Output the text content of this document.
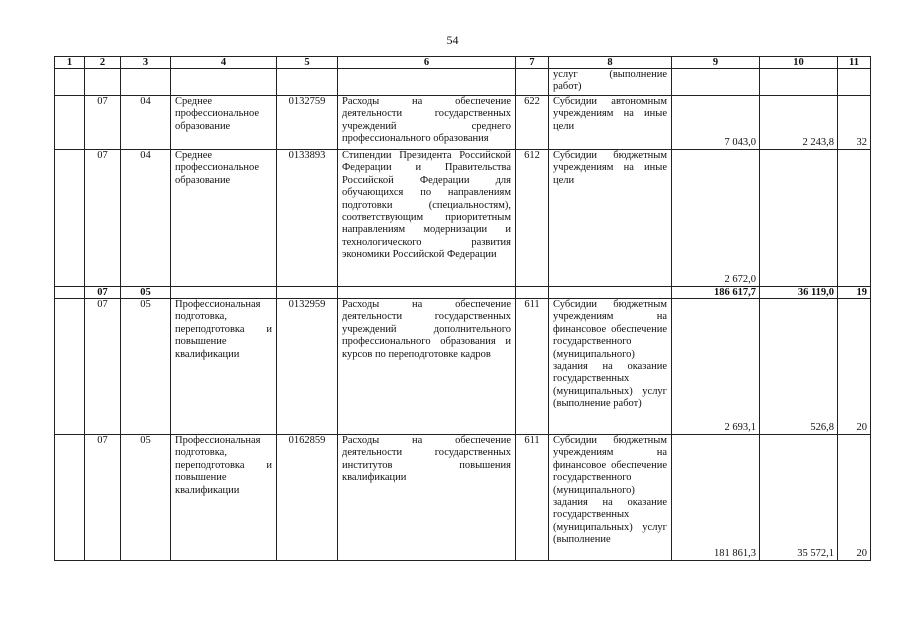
54
1	2	3	4	5	6	7	8	9	10	11
							услуг (выполнение работ)			
	07	04	Среднее профессиональное образование	0132759	Расходы на обеспечение деятельности государственных учреждений среднего профессионального образования	622	Субсидии автономным учреждениям на иные цели	7 043,0	2 243,8	32
	07	04	Среднее профессиональное образование	0133893	Стипендии Президента Российской Федерации и Правительства Российской Федерации для обучающихся по направлениям подготовки (специальностям), соответствующим приоритетным направлениям модернизации и технологического развития экономики Российской Федерации	612	Субсидии бюджетным учреждениям на иные цели	2 672,0		
	07	05						186 617,7	36 119,0	19
	07	05	Профессиональная подготовка, переподготовка и повышение квалификации	0132959	Расходы на обеспечение деятельности государственных учреждений дополнительного профессионального образования и курсов по переподготовке кадров	611	Субсидии бюджетным учреждениям на финансовое обеспечение государственного (муниципального) задания на оказание государственных (муниципальных) услуг (выполнение работ)	2 693,1	526,8	20
	07	05	Профессиональная подготовка, переподготовка и повышение квалификации	0162859	Расходы на обеспечение деятельности государственных институтов повышения квалификации	611	Субсидии бюджетным учреждениям на финансовое обеспечение государственного (муниципального) задания на оказание государственных (муниципальных) услуг (выполнение	181 861,3	35 572,1	20
